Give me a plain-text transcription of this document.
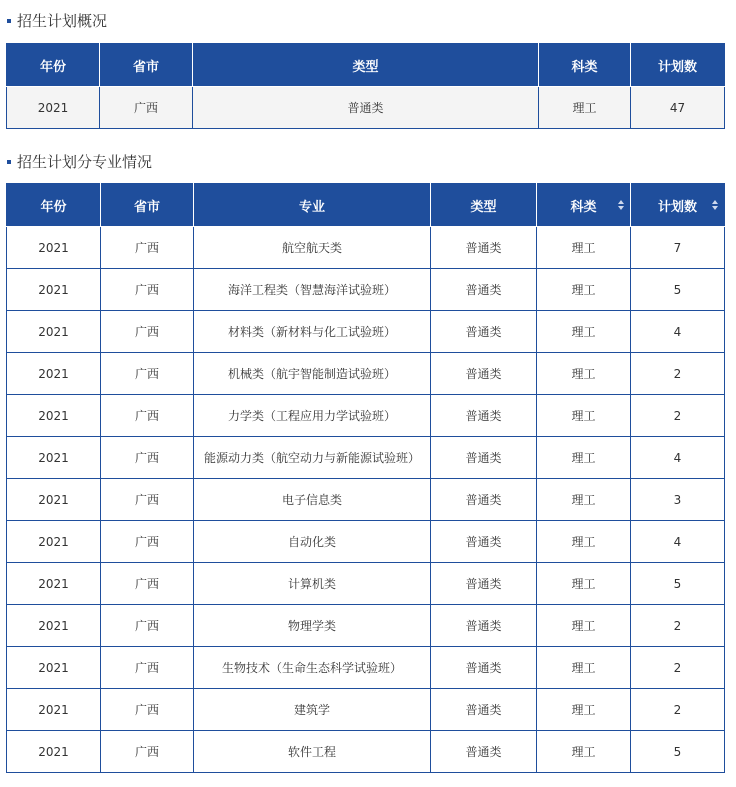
招生计划概况
年份	省市	类型	科类	计划数
2021	广西	普通类	理工	47
招生计划分专业情况
年份	省市	专业	类型	科类	计划数

2021	广西	航空航天类	普通类	理工	7
2021	广西	海洋工程类（智慧海洋试验班）	普通类	理工	5
2021	广西	材料类（新材料与化工试验班）	普通类	理工	4
2021	广西	机械类（航宇智能制造试验班）	普通类	理工	2
2021	广西	力学类（工程应用力学试验班）	普通类	理工	2
2021	广西	能源动力类（航空动力与新能源试验班）	普通类	理工	4
2021	广西	电子信息类	普通类	理工	3
2021	广西	自动化类	普通类	理工	4
2021	广西	计算机类	普通类	理工	5
2021	广西	物理学类	普通类	理工	2
2021	广西	生物技术（生命生态科学试验班）	普通类	理工	2
2021	广西	建筑学	普通类	理工	2
2021	广西	软件工程	普通类	理工	5
